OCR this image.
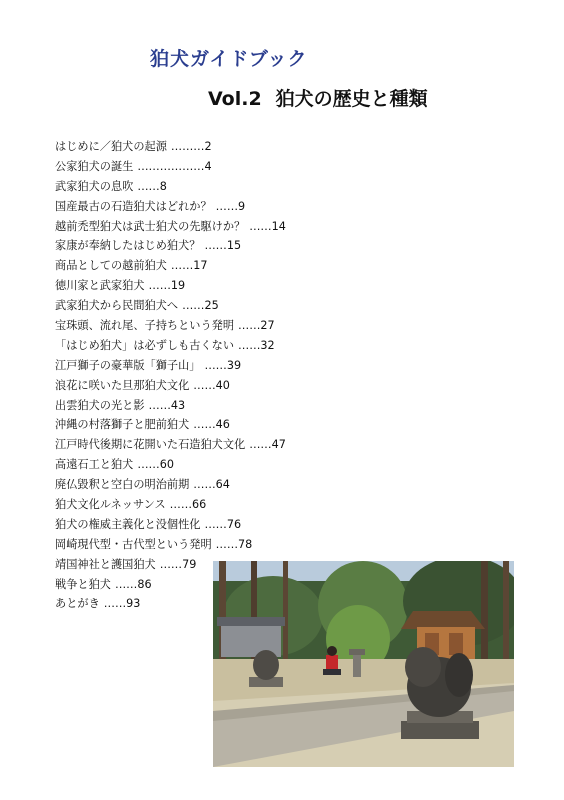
狛犬ガイドブック
Vol.2 狛犬の歴史と種類
はじめに／狛犬の起源 ………2
公家狛犬の誕生 ………………4
武家狛犬の息吹 ……8
国産最古の石造狛犬はどれか？ ……9
越前禿型狛犬は武士狛犬の先駆けか？ ……14
家康が奉納したはじめ狛犬？ ……15
商品としての越前狛犬 ……17
徳川家と武家狛犬 ……19
武家狛犬から民間狛犬へ ……25
宝珠頭、流れ尾、子持ちという発明 ……27
「はじめ狛犬」は必ずしも古くない ……32
江戸獅子の豪華版「獅子山」 ……39
浪花に咲いた旦那狛犬文化 ……40
出雲狛犬の光と影 ……43
沖縄の村落獅子と肥前狛犬 ……46
江戸時代後期に花開いた石造狛犬文化 ……47
高遠石工と狛犬 ……60
廃仏毀釈と空白の明治前期 ……64
狛犬文化ルネッサンス ……66
狛犬の権威主義化と没個性化 ……76
岡崎現代型・古代型という発明 ……78
靖国神社と護国狛犬 ……79
戦争と狛犬 ……86
あとがき ……93
